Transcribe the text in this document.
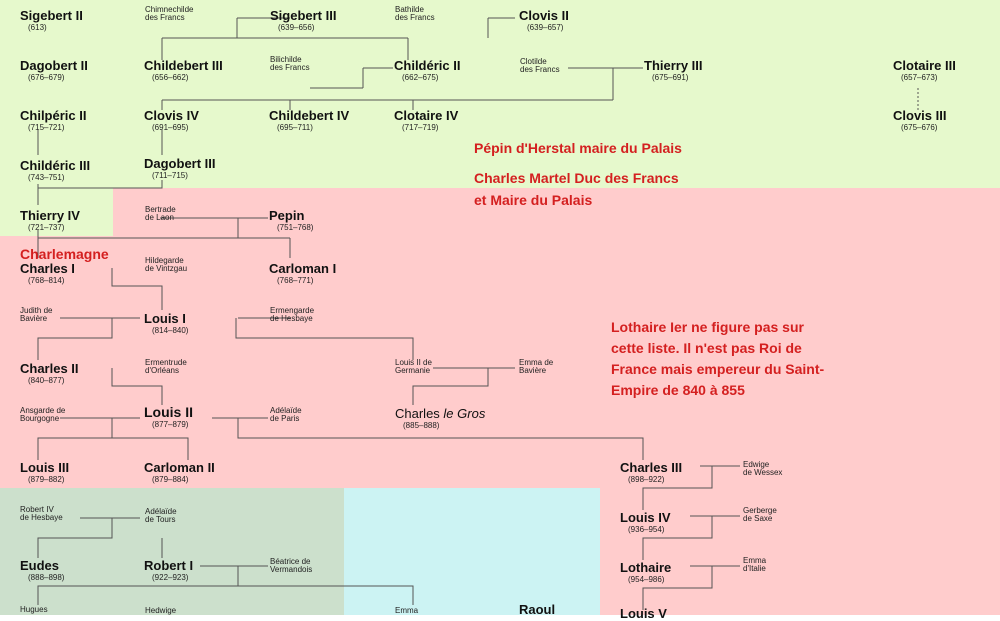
Sigebert II
(613)
Sigebert III
(639–656)
Clovis II
(639–657)
Dagobert II
(676–679)
Childebert III
(656–662)
Childéric II
(662–675)
Thierry III
(675–691)
Clotaire III
(657–673)
Chilpéric II
(715–721)
Clovis IV
(691–695)
Childebert IV
(695–711)
Clotaire IV
(717–719)
Clovis III
(675–676)
Childéric III
(743–751)
Dagobert III
(711–715)
Thierry IV
(721–737)
Pepin
(751–768)
Charles I
(768–814)
Carloman I
(768–771)
Louis I
(814–840)
Charles II
(840–877)
Louis II
(877–879)
Charles le Gros
(885–888)
Louis III
(879–882)
Carloman II
(879–884)
Charles III
(898–922)
Louis IV
(936–954)
Lothaire
(954–986)
Louis V
Eudes
(888–898)
Robert I
(922–923)
Raoul
Chimnechilde
des Francs
Bathilde
des Francs
Bilichilde
des Francs
Clotilde
des Francs
Bertrade
de Laon
Hildegarde
de Vintzgau
Judith de
Bavière
Ermengarde
de Hesbaye
Ermentrude
d'Orléans
Louis II de
Germanie
Emma de
Bavière
Ansgarde de
Bourgogne
Adélaïde
de Paris
Edwige
de Wessex
Gerberge
de Saxe
Emma
d'Italie
Robert IV
de Hesbaye
Adélaïde
de Tours
Béatrice de
Vermandois
Hugues	Hedwige	Emma
Charlemagne
Pépin d'Herstal maire du Palais
Charles Martel Duc des Francs
et Maire du Palais
Lothaire Ier ne figure pas sur
cette liste. Il n'est pas Roi de
France mais empereur du Saint-
Empire de 840 à 855
